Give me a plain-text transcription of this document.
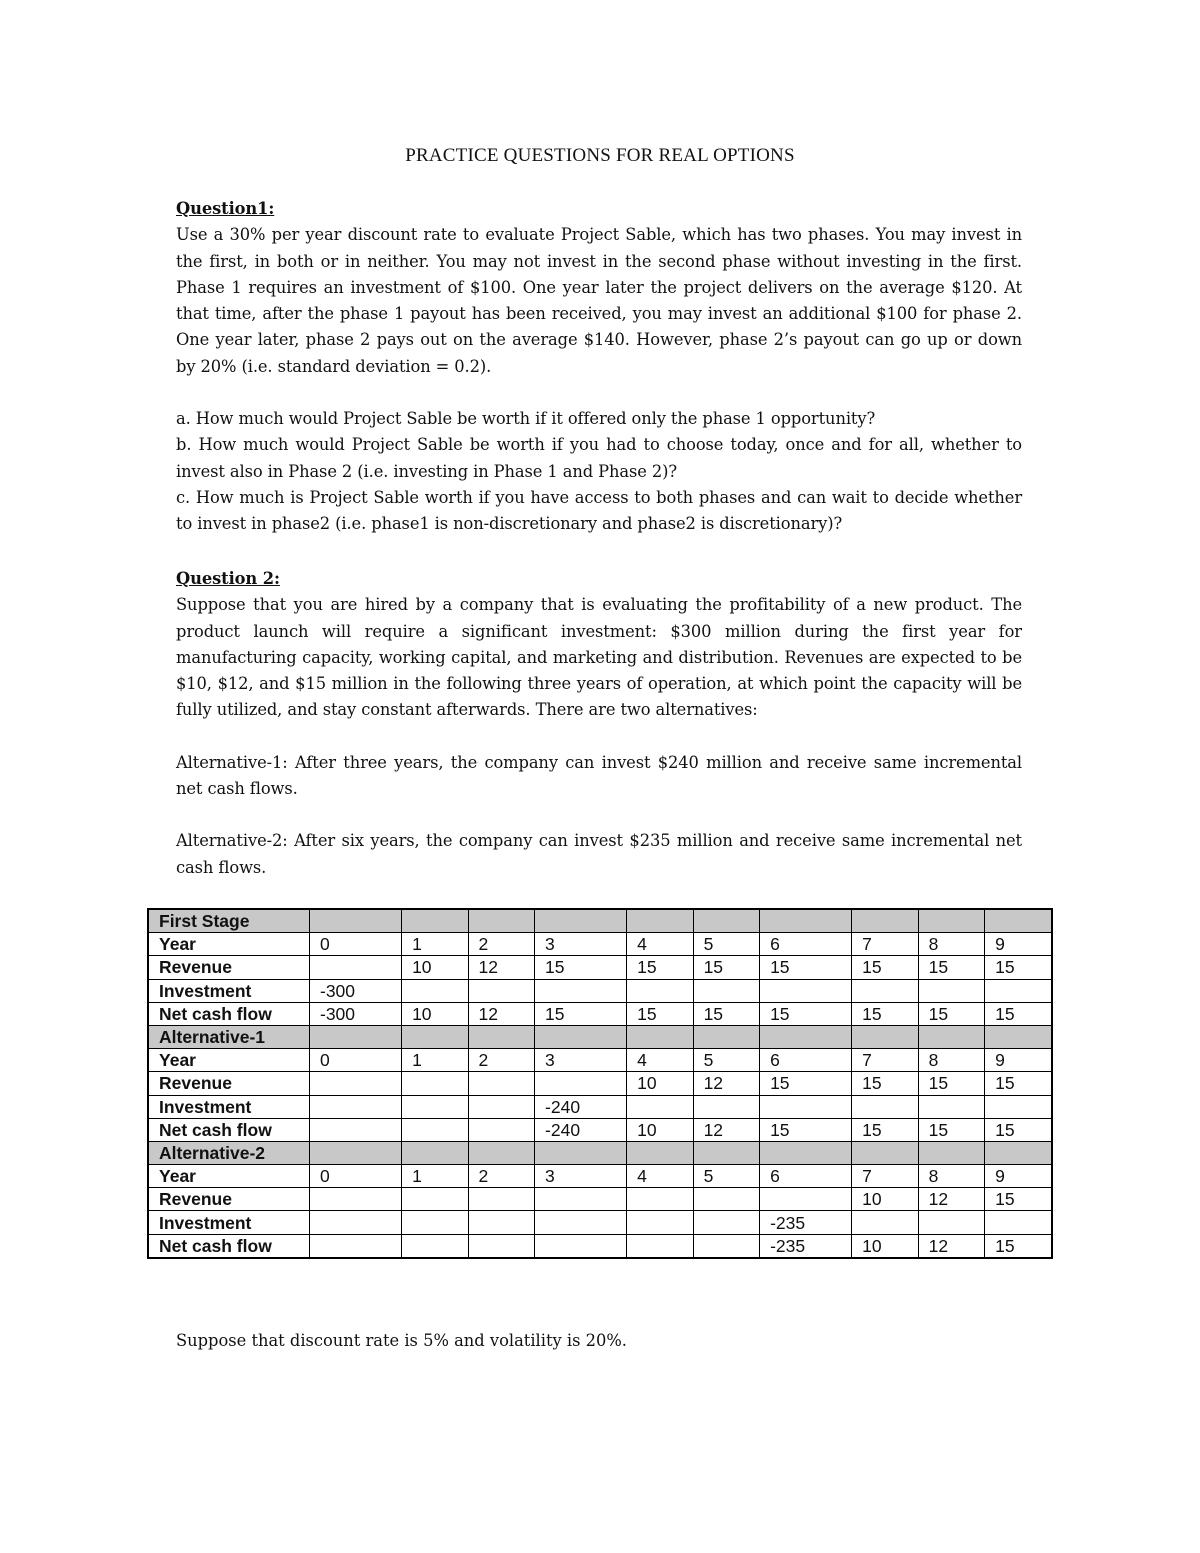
PRACTICE QUESTIONS FOR REAL OPTIONS

Question1:

Use a 30% per year discount rate to evaluate Project Sable, which has two phases. You may invest in the first, in both or in neither. You may not invest in the second phase without investing in the first. Phase 1 requires an investment of $100. One year later the project delivers on the average $120. At that time, after the phase 1 payout has been received, you may invest an additional $100 for phase 2. One year later, phase 2 pays out on the average $140. However, phase 2’s payout can go up or down by 20% (i.e. standard deviation = 0.2).

a. How much would Project Sable be worth if it offered only the phase 1 opportunity?

b. How much would Project Sable be worth if you had to choose today, once and for all, whether to invest also in Phase 2 (i.e. investing in Phase 1 and Phase 2)?

c. How much is Project Sable worth if you have access to both phases and can wait to decide whether to invest in phase2 (i.e. phase1 is non-discretionary and phase2 is discretionary)?

Question 2:

Suppose that you are hired by a company that is evaluating the profitability of a new product. The product launch will require a significant investment: $300 million during the first year for manufacturing capacity, working capital, and marketing and distribution. Revenues are expected to be $10, $12, and $15 million in the following three years of operation, at which point the capacity will be fully utilized, and stay constant afterwards. There are two alternatives:

Alternative-1: After three years, the company can invest $240 million and receive same incremental net cash flows.

Alternative-2: After six years, the company can invest $235 million and receive same incremental net cash flows.

First Stage										
Year	0	1	2	3	4	5	6	7	8	9
Revenue		10	12	15	15	15	15	15	15	15
Investment	-300									
Net cash flow	-300	10	12	15	15	15	15	15	15	15
Alternative-1										
Year	0	1	2	3	4	5	6	7	8	9
Revenue					10	12	15	15	15	15
Investment				-240						
Net cash flow				-240	10	12	15	15	15	15
Alternative-2										
Year	0	1	2	3	4	5	6	7	8	9
Revenue								10	12	15
Investment							-235			
Net cash flow							-235	10	12	15
Suppose that discount rate is 5% and volatility is 20%.
